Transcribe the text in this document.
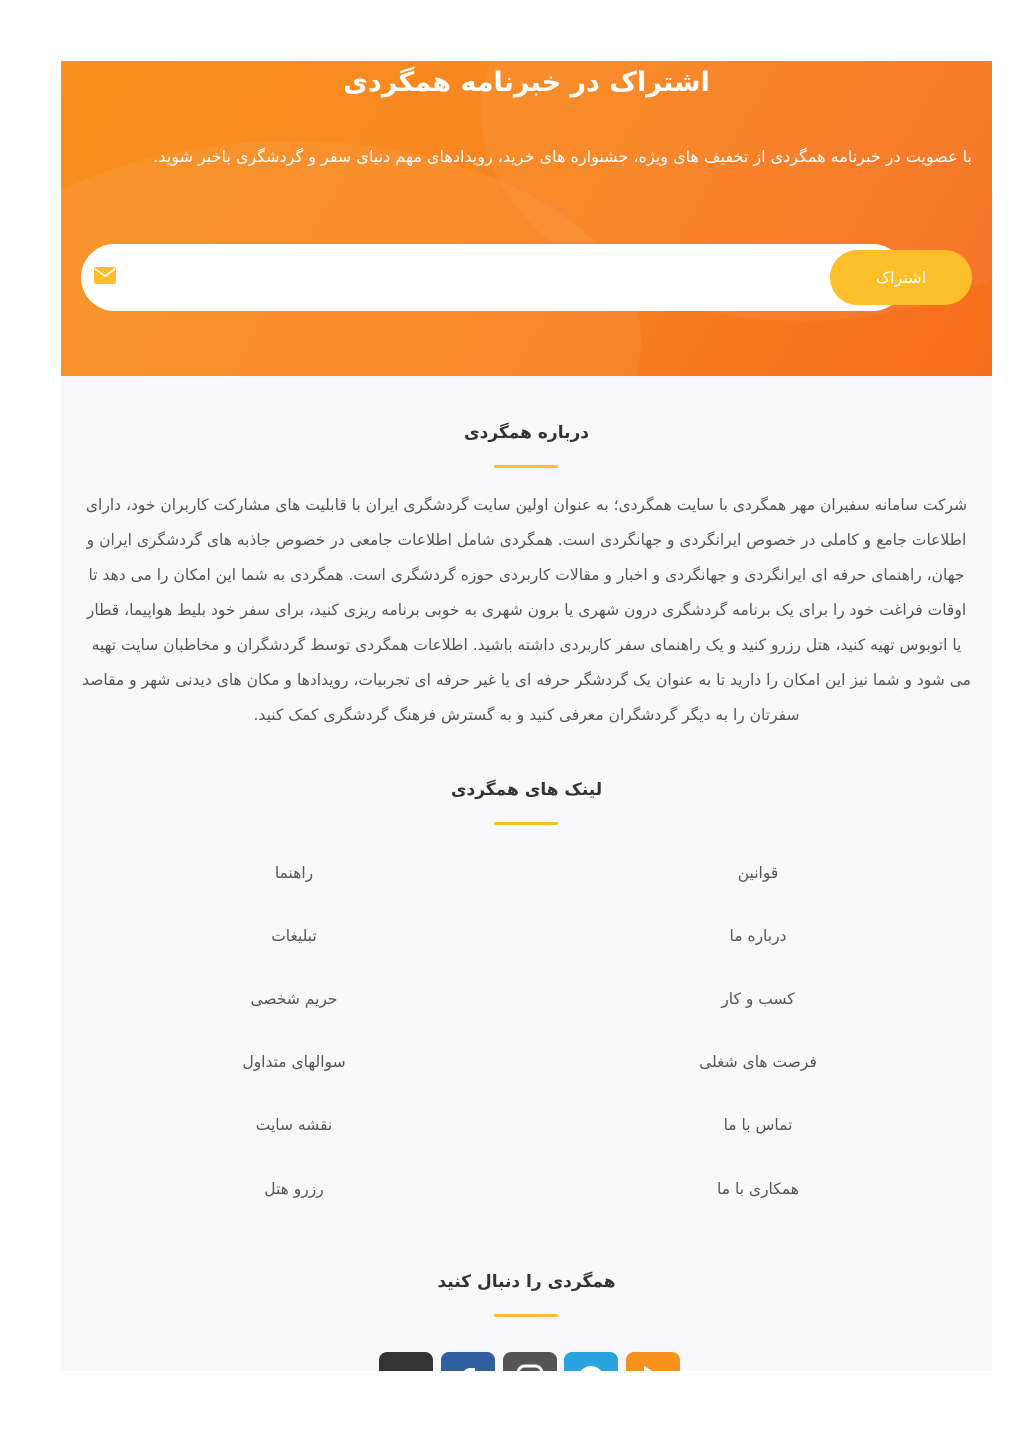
اشتراک در خبرنامه همگردی
با عضویت در خبرنامه همگردی از تخفیف های ویژه، جشنواره های خرید، رویدادهای مهم دنیای سفر و گردشگری باخبر شوید.
اشتراک
درباره همگردی
شرکت سامانه سفیران مهر همگردی با سایت همگردی؛ به عنوان اولین سایت گردشگری ایران با قابلیت های مشارکت کاربران خود، دارای اطلاعات جامع و کاملی در خصوص ایرانگردی و جهانگردی است. همگردی شامل اطلاعات جامعی در خصوص جاذبه های گردشگری ایران و جهان، راهنمای حرفه ای ایرانگردی و جهانگردی و اخبار و مقالات کاربردی حوزه گردشگری است. همگردی به شما این امکان را می دهد تا اوقات فراغت خود را برای یک برنامه گردشگری درون شهری یا برون شهری به خوبی برنامه ریزی کنید، برای سفر خود بلیط هواپیما، قطار یا اتوبوس تهیه کنید، هتل رزرو کنید و یک راهنمای سفر کاربردی داشته باشید. اطلاعات همگردی توسط گردشگران و مخاطبان سایت تهیه می شود و شما نیز این امکان را دارید تا به عنوان یک گردشگر حرفه ای یا غیر حرفه ای تجربیات، رویدادها و مکان های دیدنی شهر و مقاصد سفرتان را به دیگر گردشگران معرفی کنید و به گسترش فرهنگ گردشگری کمک کنید.
لینک های همگردی
قوانین
درباره ما
کسب و کار
فرصت های شغلی
تماس با ما
همکاری با ما
راهنما
تبلیغات
حریم شخصی
سوالهای متداول
نقشه سایت
رزرو هتل
همگردی را دنبال کنید
